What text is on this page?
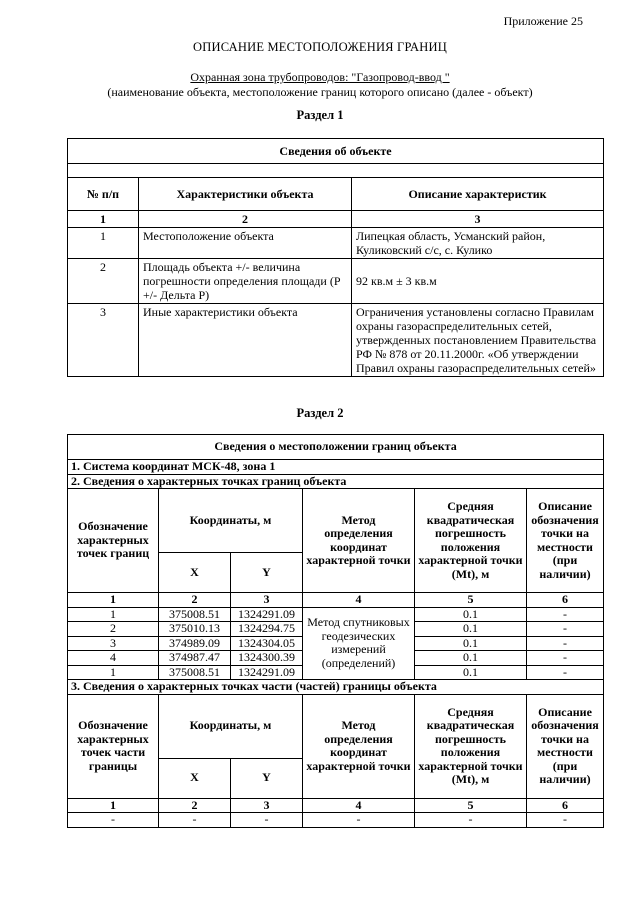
Приложение 25
ОПИСАНИЕ МЕСТОПОЛОЖЕНИЯ ГРАНИЦ
Охранная зона трубопроводов: "Газопровод-ввод "
(наименование объекта, местоположение границ которого описано (далее - объект)
Раздел 1
Сведения об объекте		

№ п/п	Характеристики объекта	Описание характеристик
1	2	3
1	Местоположение объекта	Липецкая область, Усманский район, Куликовский с/с, с. Кулико
2	Площадь объекта +/- величина погрешности определения площади (P +/- Дельта P)	92 кв.м ± 3 кв.м
3	Иные характеристики объекта	Ограничения установлены согласно Правилам охраны газораспределительных сетей, утвержденных постановлением Правительства РФ № 878 от 20.11.2000г. «Об утверждении Правил охраны газораспределительных сетей»
Раздел 2
Сведения о местоположении границ объекта					
1. Система координат МСК-48, зона 1					
2. Сведения о характерных точках границ объекта					
Обозначение характерных точек границ	Координаты, м		Метод определения координат характерной точки	Средняя квадратическая погрешность положения характерной точки (Mt), м	Описание обозначения точки на местности (при наличии)
	X	Y			
1	2	3	4	5	6
1	375008.51	1324291.09	Метод спутниковых геодезических измерений (определений)	0.1	-
2	375010.13	1324294.75		0.1	-
3	374989.09	1324304.05		0.1	-
4	374987.47	1324300.39		0.1	-
1	375008.51	1324291.09		0.1	-
3. Сведения о характерных точках части (частей) границы объекта					
Обозначение характерных точек части границы	Координаты, м		Метод определения координат характерной точки	Средняя квадратическая погрешность положения характерной точки (Mt), м	Описание обозначения точки на местности (при наличии)
	X	Y			
1	2	3	4	5	6
-	-	-	-	-	-
